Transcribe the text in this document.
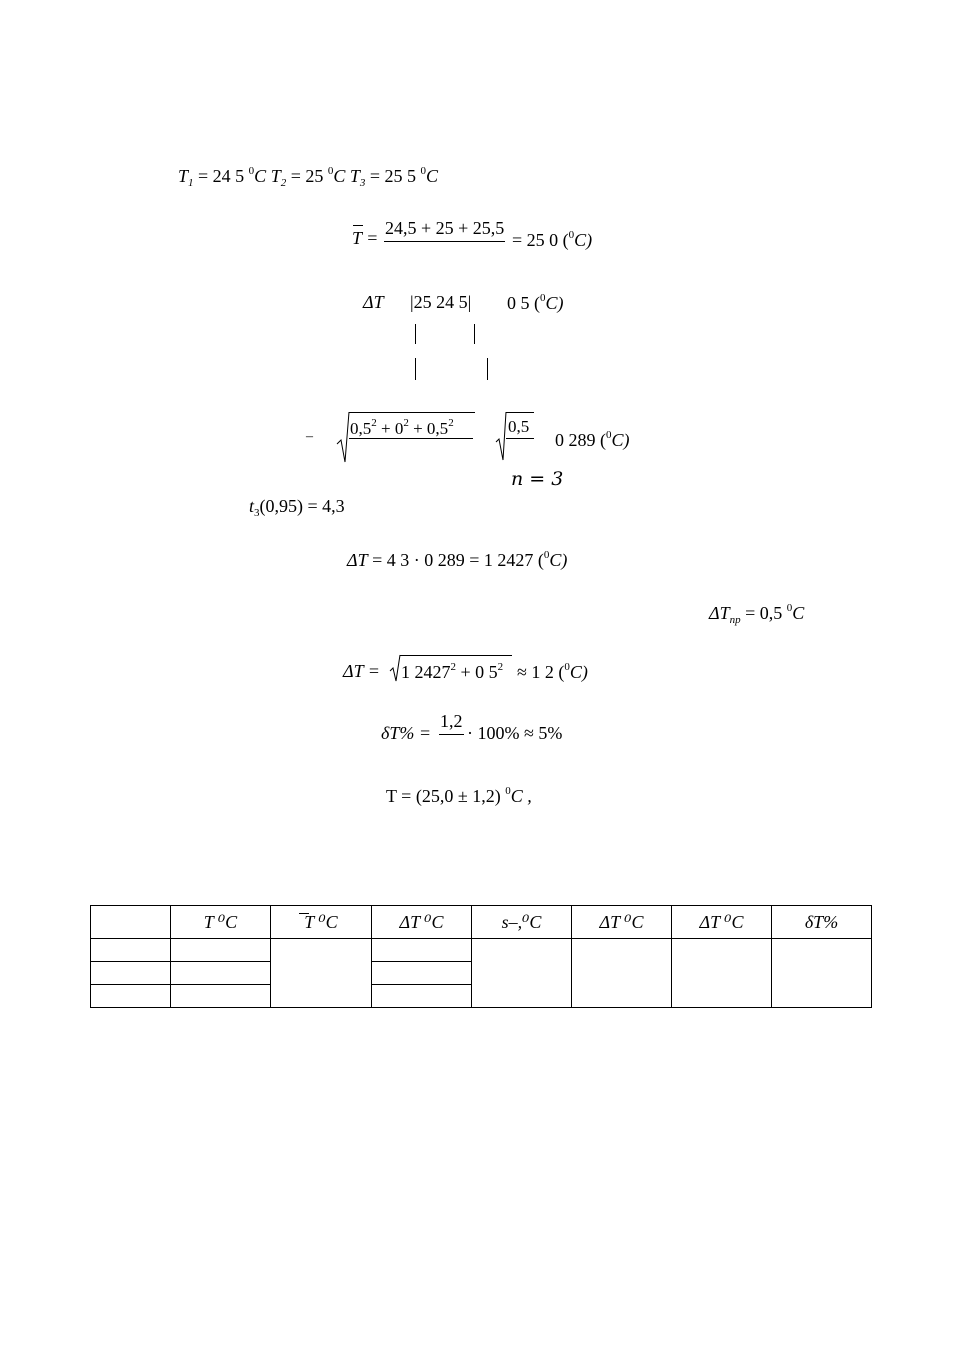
$T_1 = 24$ 5 $^0$C $T_2 = 25$ $^0$C $T_3 = 25$ 5 $^0$C
T = 24,5 + 25 + 25,5
= 25 0 ($^0$C)
ΔT |25 24 5| 0 5 ($^0$C)
– $0,5^2 + 0^2 + 0,5^2$	0,5
0 289 ($^0$C)
n = 3
$t_3(0,95) = 4,3$
ΔT = 4 3 · 0 289 = 1 2427 ($^0$C)
$\Delta T_{пр} = 0,5$ $^0$C
ΔT = 1 $2427^2 + 0$ $5^2 \approx 1$ 2 ($^0$C)
δT% =
1,2
· 100% ≈ 5%
T = (25,0 ± 1,2) $^0$C ,
	T ⁰C	T ⁰C	ΔT ⁰C	s–,⁰C	ΔT ⁰C	ΔT ⁰C	δT%
